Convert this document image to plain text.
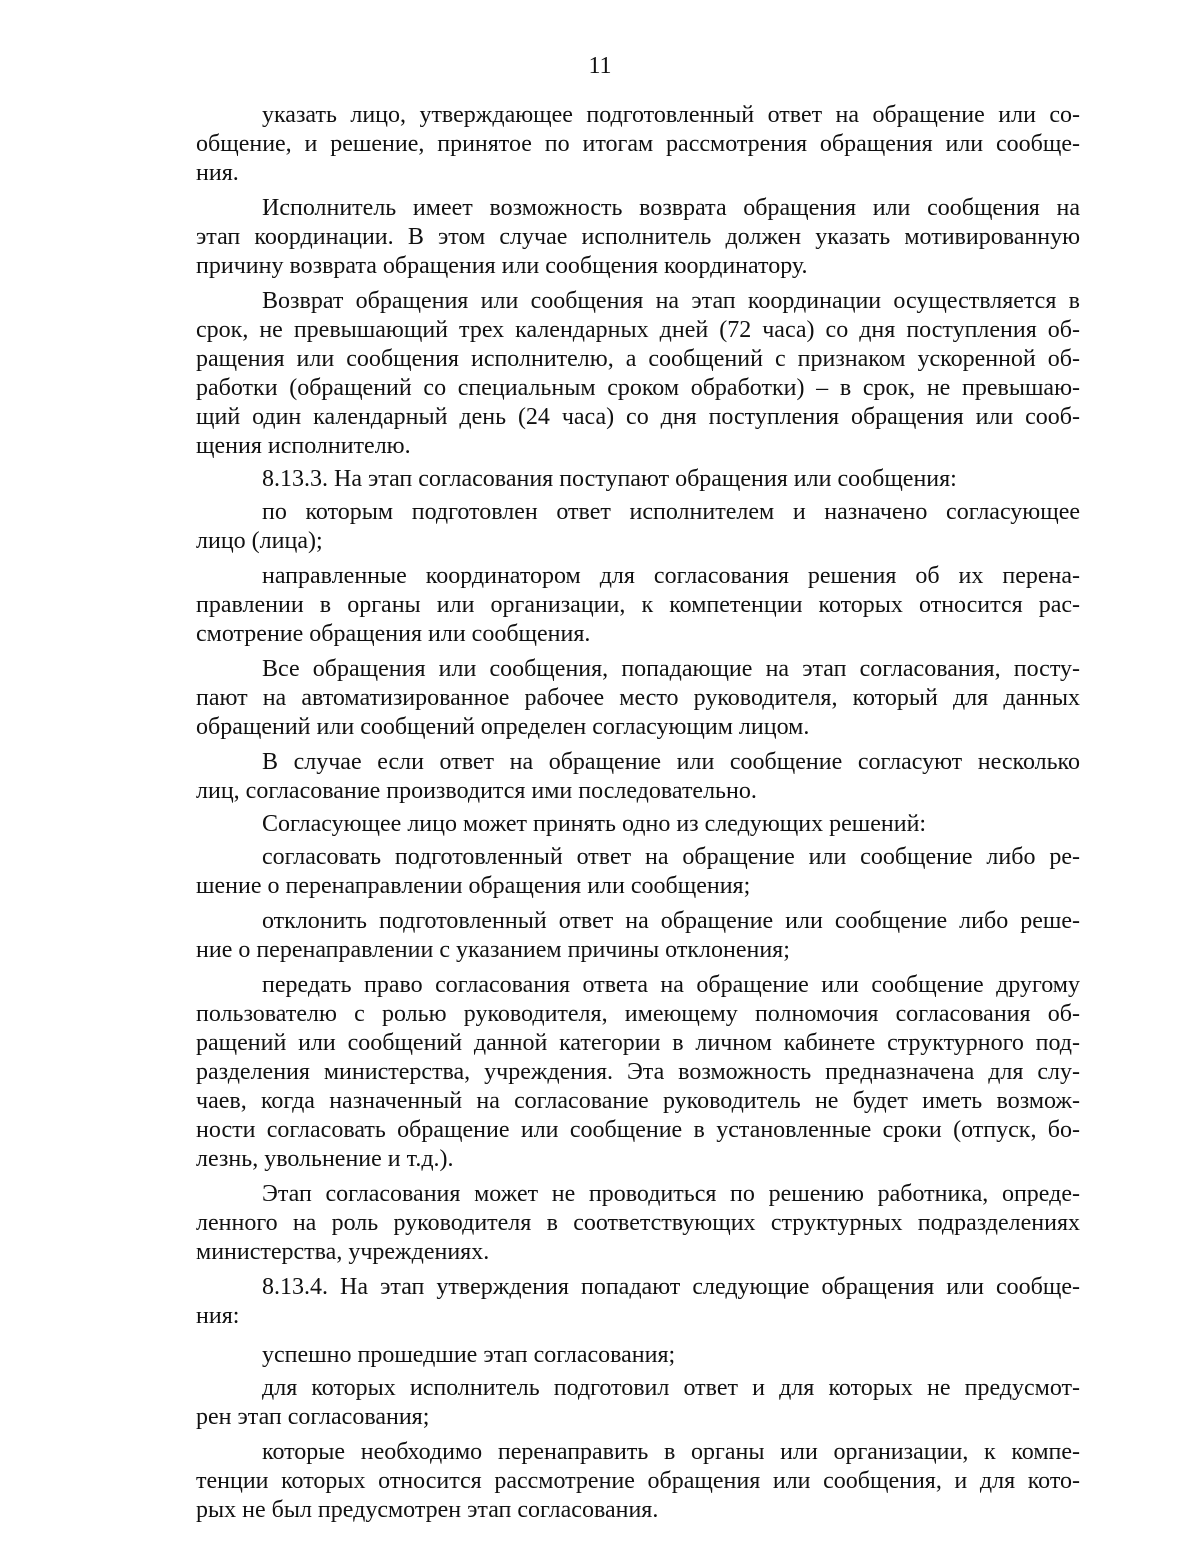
11
указать лицо, утверждающее подготовленный ответ на обращение или со-
общение, и решение, принятое по итогам рассмотрения обращения или сообще-
ния.
Исполнитель имеет возможность возврата обращения или сообщения на
этап координации. В этом случае исполнитель должен указать мотивированную
причину возврата обращения или сообщения координатору.
Возврат обращения или сообщения на этап координации осуществляется в
срок, не превышающий трех календарных дней (72 часа) со дня поступления об-
ращения или сообщения исполнителю, а сообщений с признаком ускоренной об-
работки (обращений со специальным сроком обработки) – в срок, не превышаю-
щий один календарный день (24 часа) со дня поступления обращения или сооб-
щения исполнителю.
8.13.3. На этап согласования поступают обращения или сообщения:
по которым подготовлен ответ исполнителем и назначено согласующее
лицо (лица);
направленные координатором для согласования решения об их перена-
правлении в органы или организации, к компетенции которых относится рас-
смотрение обращения или сообщения.
Все обращения или сообщения, попадающие на этап согласования, посту-
пают на автоматизированное рабочее место руководителя, который для данных
обращений или сообщений определен согласующим лицом.
В случае если ответ на обращение или сообщение согласуют несколько
лиц, согласование производится ими последовательно.
Согласующее лицо может принять одно из следующих решений:
согласовать подготовленный ответ на обращение или сообщение либо ре-
шение о перенаправлении обращения или сообщения;
отклонить подготовленный ответ на обращение или сообщение либо реше-
ние о перенаправлении с указанием причины отклонения;
передать право согласования ответа на обращение или сообщение другому
пользователю с ролью руководителя, имеющему полномочия согласования об-
ращений или сообщений данной категории в личном кабинете структурного под-
разделения министерства, учреждения. Эта возможность предназначена для слу-
чаев, когда назначенный на согласование руководитель не будет иметь возмож-
ности согласовать обращение или сообщение в установленные сроки (отпуск, бо-
лезнь, увольнение и т.д.).
Этап согласования может не проводиться по решению работника, опреде-
ленного на роль руководителя в соответствующих структурных подразделениях
министерства, учреждениях.
8.13.4. На этап утверждения попадают следующие обращения или сообще-
ния:
успешно прошедшие этап согласования;
для которых исполнитель подготовил ответ и для которых не предусмот-
рен этап согласования;
которые необходимо перенаправить в органы или организации, к компе-
тенции которых относится рассмотрение обращения или сообщения, и для кото-
рых не был предусмотрен этап согласования.
